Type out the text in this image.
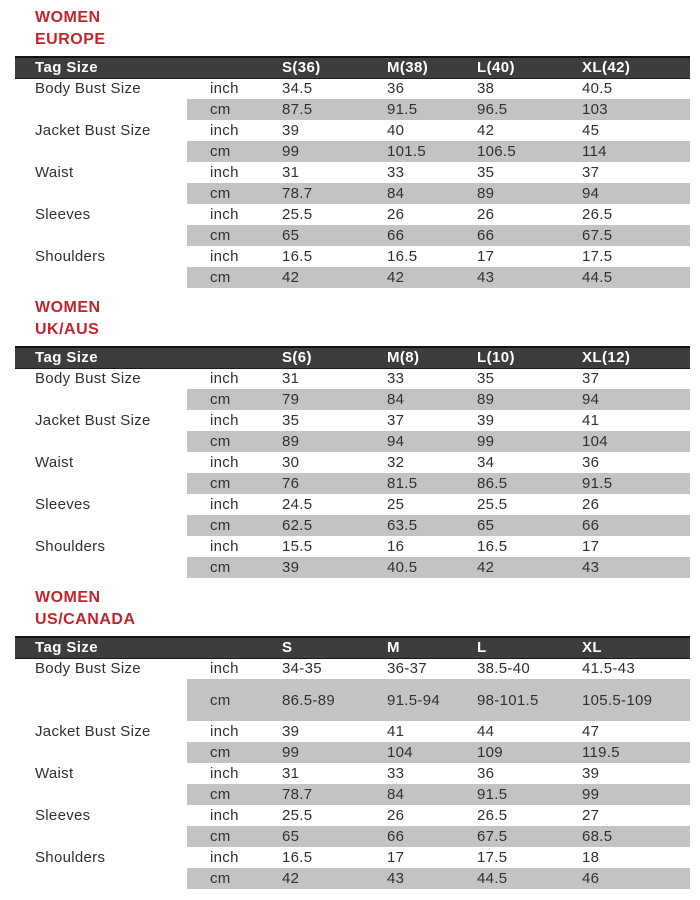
WOMEN
EUROPE
Tag Size		S(36)	M(38)	L(40)	XL(42)
Body Bust Size	inch	34.5	36	38	40.5
	cm	87.5	91.5	96.5	103
Jacket Bust Size	inch	39	40	42	45
	cm	99	101.5	106.5	114
Waist	inch	31	33	35	37
	cm	78.7	84	89	94
Sleeves	inch	25.5	26	26	26.5
	cm	65	66	66	67.5
Shoulders	inch	16.5	16.5	17	17.5
	cm	42	42	43	44.5
WOMEN
UK/AUS
Tag Size		S(6)	M(8)	L(10)	XL(12)
Body Bust Size	inch	31	33	35	37
	cm	79	84	89	94
Jacket Bust Size	inch	35	37	39	41
	cm	89	94	99	104
Waist	inch	30	32	34	36
	cm	76	81.5	86.5	91.5
Sleeves	inch	24.5	25	25.5	26
	cm	62.5	63.5	65	66
Shoulders	inch	15.5	16	16.5	17
	cm	39	40.5	42	43
WOMEN
US/CANADA
Tag Size		S	M	L	XL
Body Bust Size	inch	34-35	36-37	38.5-40	41.5-43
	cm	86.5-89	91.5-94	98-101.5	105.5-109
Jacket Bust Size	inch	39	41	44	47
	cm	99	104	109	119.5
Waist	inch	31	33	36	39
	cm	78.7	84	91.5	99
Sleeves	inch	25.5	26	26.5	27
	cm	65	66	67.5	68.5
Shoulders	inch	16.5	17	17.5	18
	cm	42	43	44.5	46
